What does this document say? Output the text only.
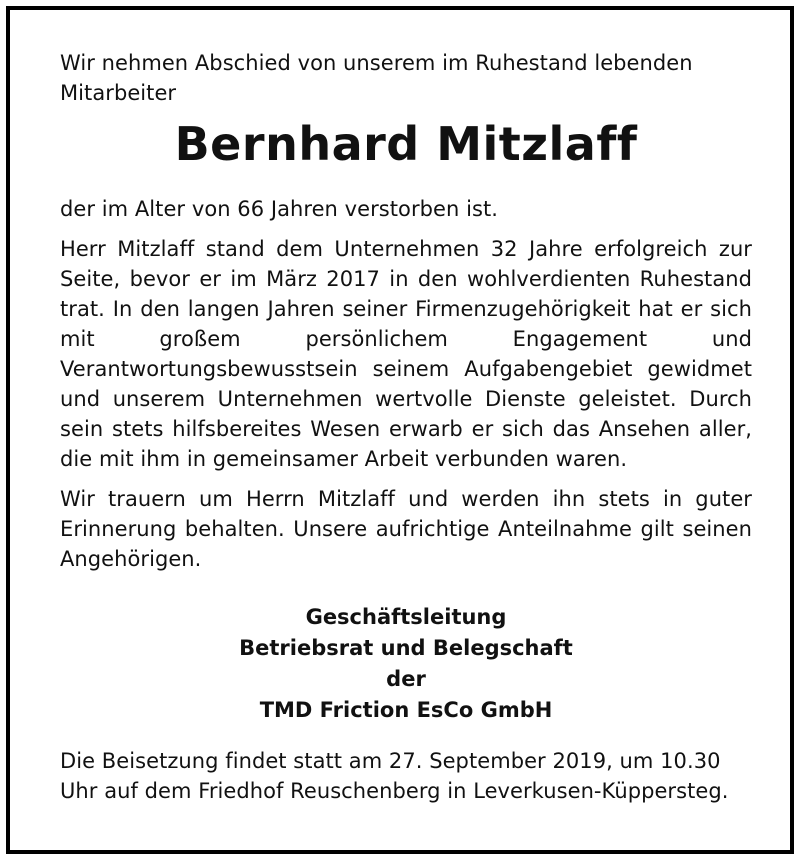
Wir nehmen Abschied von unserem im Ruhestand lebenden Mitarbeiter

Bernhard Mitzlaff

der im Alter von 66 Jahren verstorben ist.

Herr Mitzlaff stand dem Unternehmen 32 Jahre erfolgreich zur Seite, bevor er im März 2017 in den wohlverdienten Ruhestand trat. In den langen Jahren seiner Firmenzugehörigkeit hat er sich mit großem persönlichem Engagement und Verantwortungsbewusstsein seinem Aufgabengebiet gewidmet und unserem Unternehmen wertvolle Dienste geleistet. Durch sein stets hilfsbereites Wesen erwarb er sich das Ansehen aller, die mit ihm in gemeinsamer Arbeit verbunden waren.

Wir trauern um Herrn Mitzlaff und werden ihn stets in guter Erinnerung behalten. Unsere aufrichtige Anteilnahme gilt seinen Angehörigen.

Geschäftsleitung
Betriebsrat und Belegschaft
der
TMD Friction EsCo GmbH

Die Beisetzung findet statt am 27. September 2019, um 10.30 Uhr auf dem Friedhof Reuschenberg in Leverkusen-Küppersteg.
